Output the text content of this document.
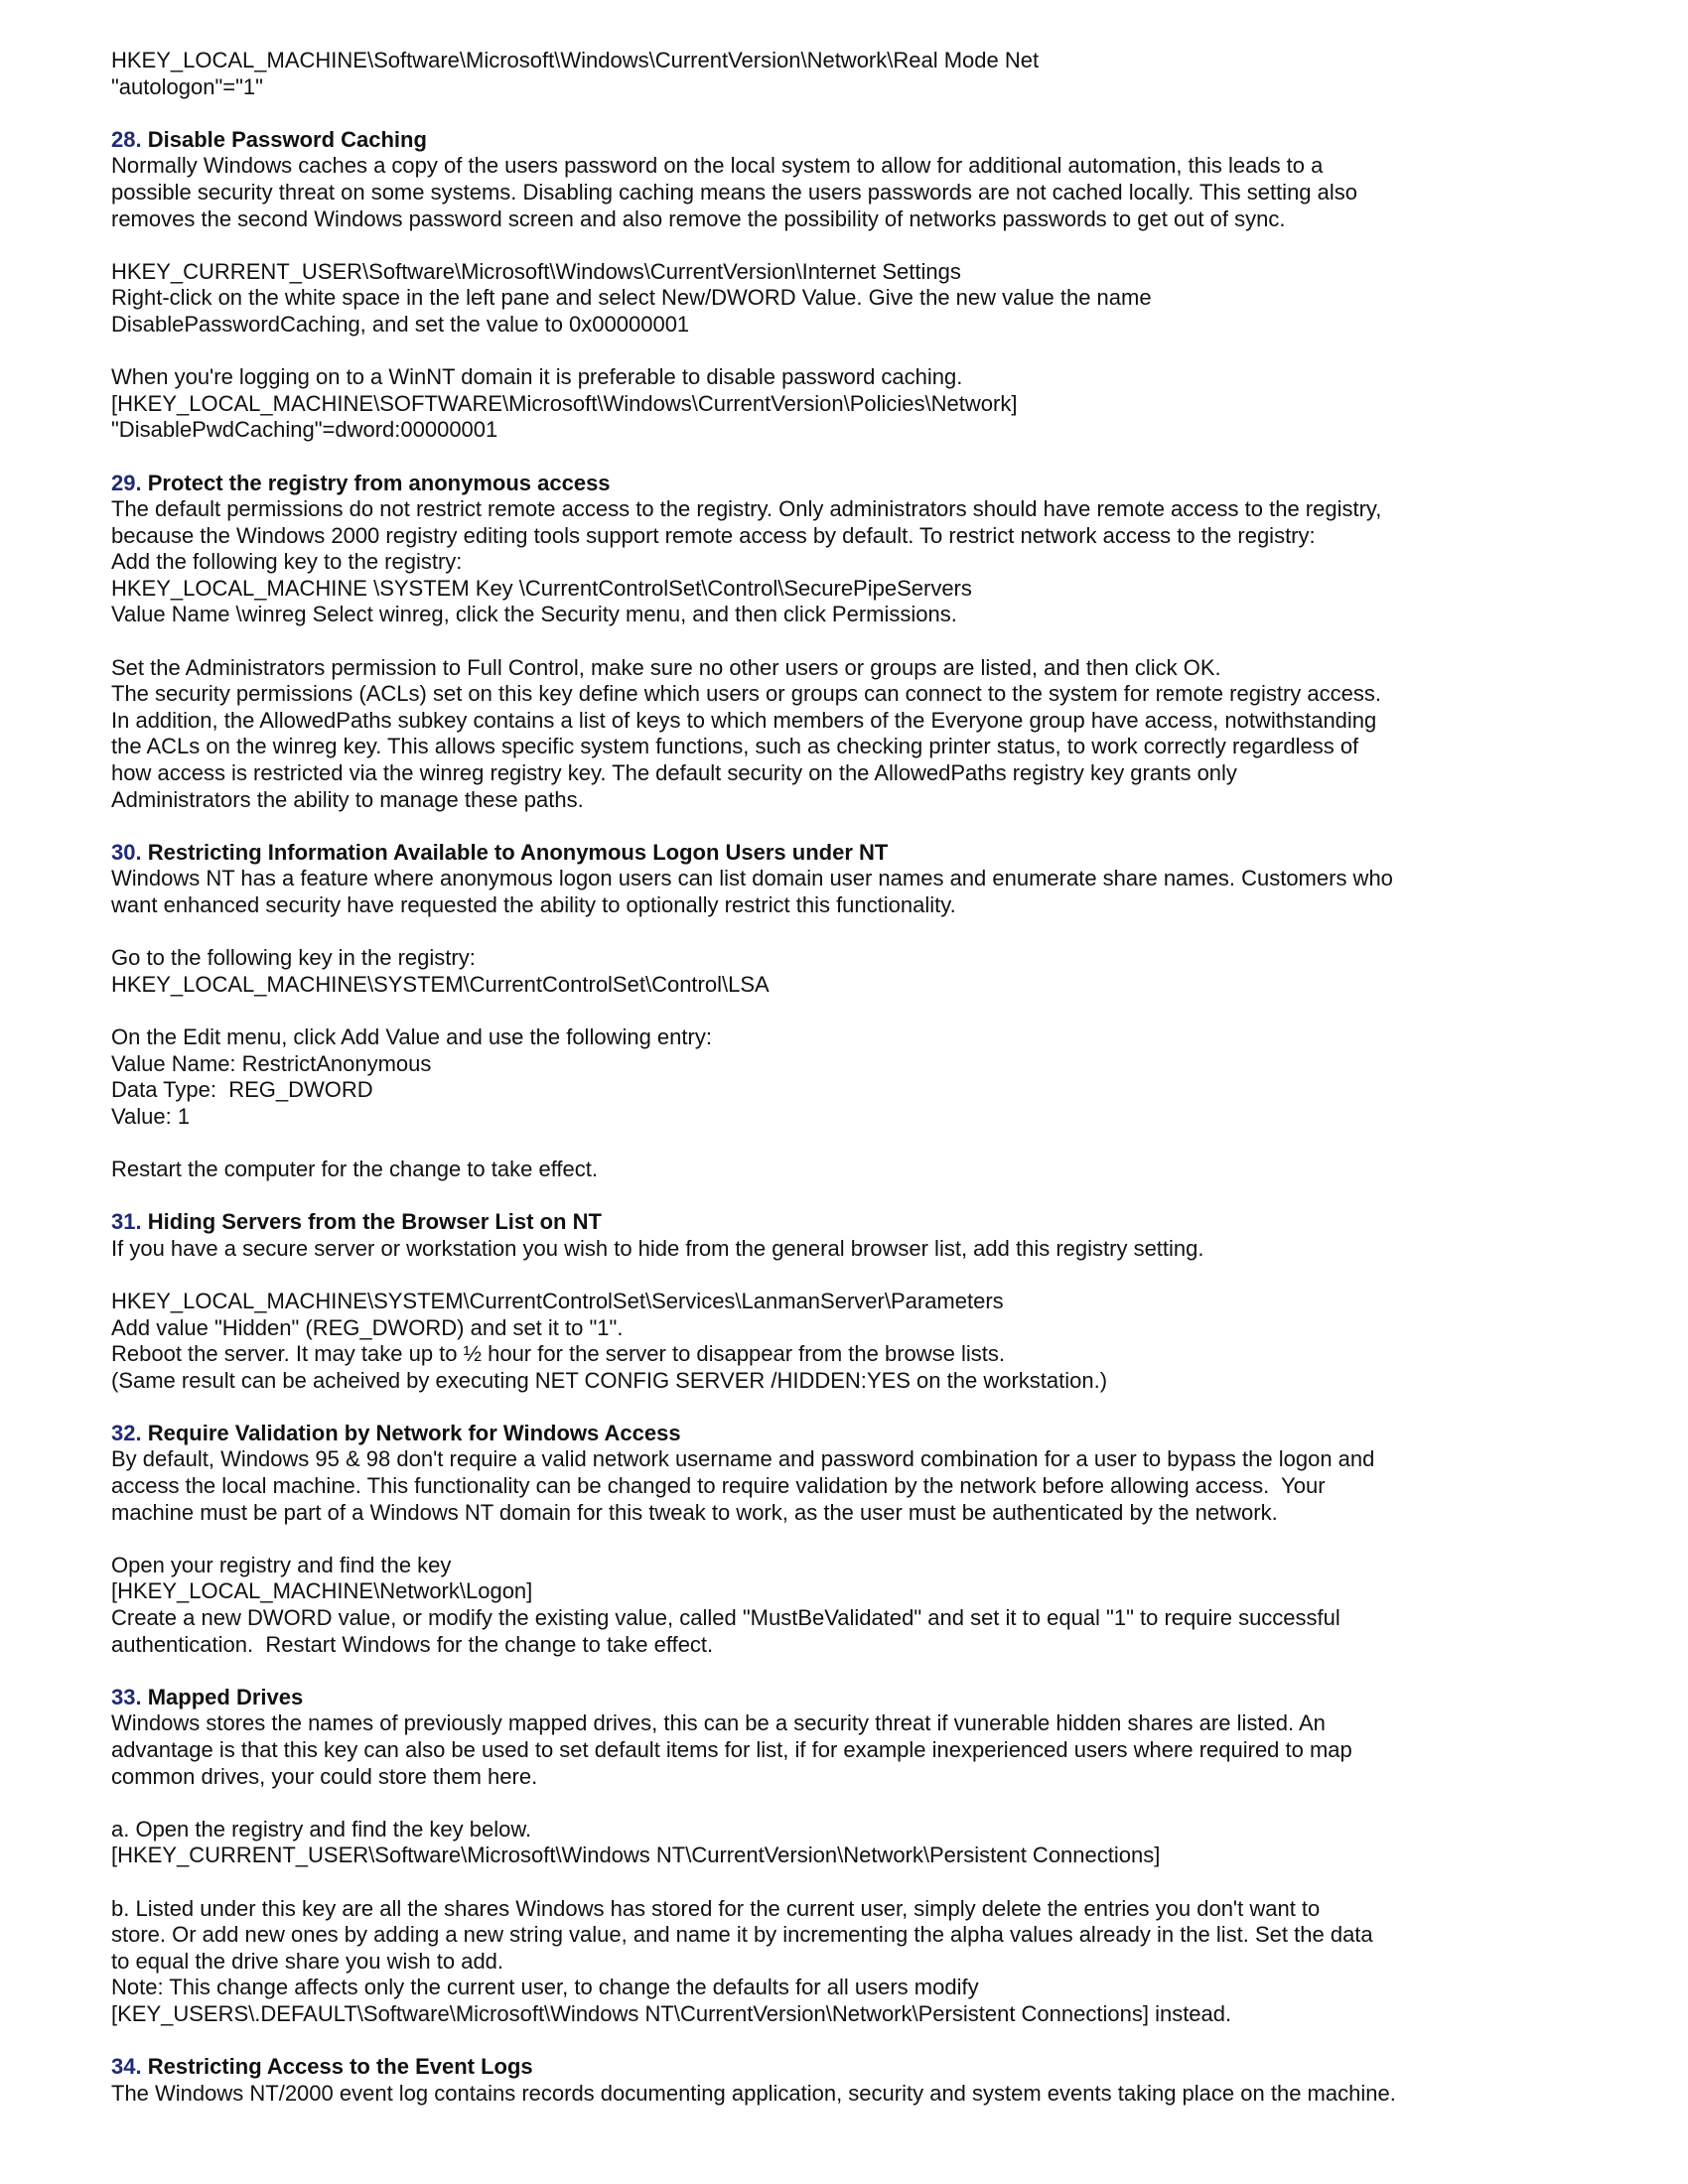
HKEY_LOCAL_MACHINE\Software\Microsoft\Windows\CurrentVersion\Network\Real Mode Net
"autologon"="1"
28. Disable Password Caching
Normally Windows caches a copy of the users password on the local system to allow for additional automation, this leads to a
possible security threat on some systems. Disabling caching means the users passwords are not cached locally. This setting also
removes the second Windows password screen and also remove the possibility of networks passwords to get out of sync.
HKEY_CURRENT_USER\Software\Microsoft\Windows\CurrentVersion\Internet Settings
Right-click on the white space in the left pane and select New/DWORD Value. Give the new value the name
DisablePasswordCaching, and set the value to 0x00000001
When you're logging on to a WinNT domain it is preferable to disable password caching.
[HKEY_LOCAL_MACHINE\SOFTWARE\Microsoft\Windows\CurrentVersion\Policies\Network]
"DisablePwdCaching"=dword:00000001
29. Protect the registry from anonymous access
The default permissions do not restrict remote access to the registry. Only administrators should have remote access to the registry,
because the Windows 2000 registry editing tools support remote access by default. To restrict network access to the registry:
Add the following key to the registry:
HKEY_LOCAL_MACHINE \SYSTEM Key \CurrentControlSet\Control\SecurePipeServers
Value Name \winreg Select winreg, click the Security menu, and then click Permissions.
Set the Administrators permission to Full Control, make sure no other users or groups are listed, and then click OK.
The security permissions (ACLs) set on this key define which users or groups can connect to the system for remote registry access.
In addition, the AllowedPaths subkey contains a list of keys to which members of the Everyone group have access, notwithstanding
the ACLs on the winreg key. This allows specific system functions, such as checking printer status, to work correctly regardless of
how access is restricted via the winreg registry key. The default security on the AllowedPaths registry key grants only
Administrators the ability to manage these paths.
30. Restricting Information Available to Anonymous Logon Users under NT
Windows NT has a feature where anonymous logon users can list domain user names and enumerate share names. Customers who
want enhanced security have requested the ability to optionally restrict this functionality.
Go to the following key in the registry:
HKEY_LOCAL_MACHINE\SYSTEM\CurrentControlSet\Control\LSA
On the Edit menu, click Add Value and use the following entry:
Value Name: RestrictAnonymous
Data Type:  REG_DWORD
Value: 1
Restart the computer for the change to take effect.
31. Hiding Servers from the Browser List on NT
If you have a secure server or workstation you wish to hide from the general browser list, add this registry setting.
HKEY_LOCAL_MACHINE\SYSTEM\CurrentControlSet\Services\LanmanServer\Parameters
Add value "Hidden" (REG_DWORD) and set it to "1".
Reboot the server. It may take up to ½ hour for the server to disappear from the browse lists.
(Same result can be acheived by executing NET CONFIG SERVER /HIDDEN:YES on the workstation.)
32. Require Validation by Network for Windows Access
By default, Windows 95 & 98 don't require a valid network username and password combination for a user to bypass the logon and
access the local machine. This functionality can be changed to require validation by the network before allowing access.  Your
machine must be part of a Windows NT domain for this tweak to work, as the user must be authenticated by the network.
Open your registry and find the key
[HKEY_LOCAL_MACHINE\Network\Logon]
Create a new DWORD value, or modify the existing value, called "MustBeValidated" and set it to equal "1" to require successful
authentication.  Restart Windows for the change to take effect.
33. Mapped Drives
Windows stores the names of previously mapped drives, this can be a security threat if vunerable hidden shares are listed. An
advantage is that this key can also be used to set default items for list, if for example inexperienced users where required to map
common drives, your could store them here.
a. Open the registry and find the key below.
[HKEY_CURRENT_USER\Software\Microsoft\Windows NT\CurrentVersion\Network\Persistent Connections]
b. Listed under this key are all the shares Windows has stored for the current user, simply delete the entries you don't want to
store. Or add new ones by adding a new string value, and name it by incrementing the alpha values already in the list. Set the data
to equal the drive share you wish to add.
Note: This change affects only the current user, to change the defaults for all users modify
[KEY_USERS\.DEFAULT\Software\Microsoft\Windows NT\CurrentVersion\Network\Persistent Connections] instead.
34. Restricting Access to the Event Logs
The Windows NT/2000 event log contains records documenting application, security and system events taking place on the machine.
